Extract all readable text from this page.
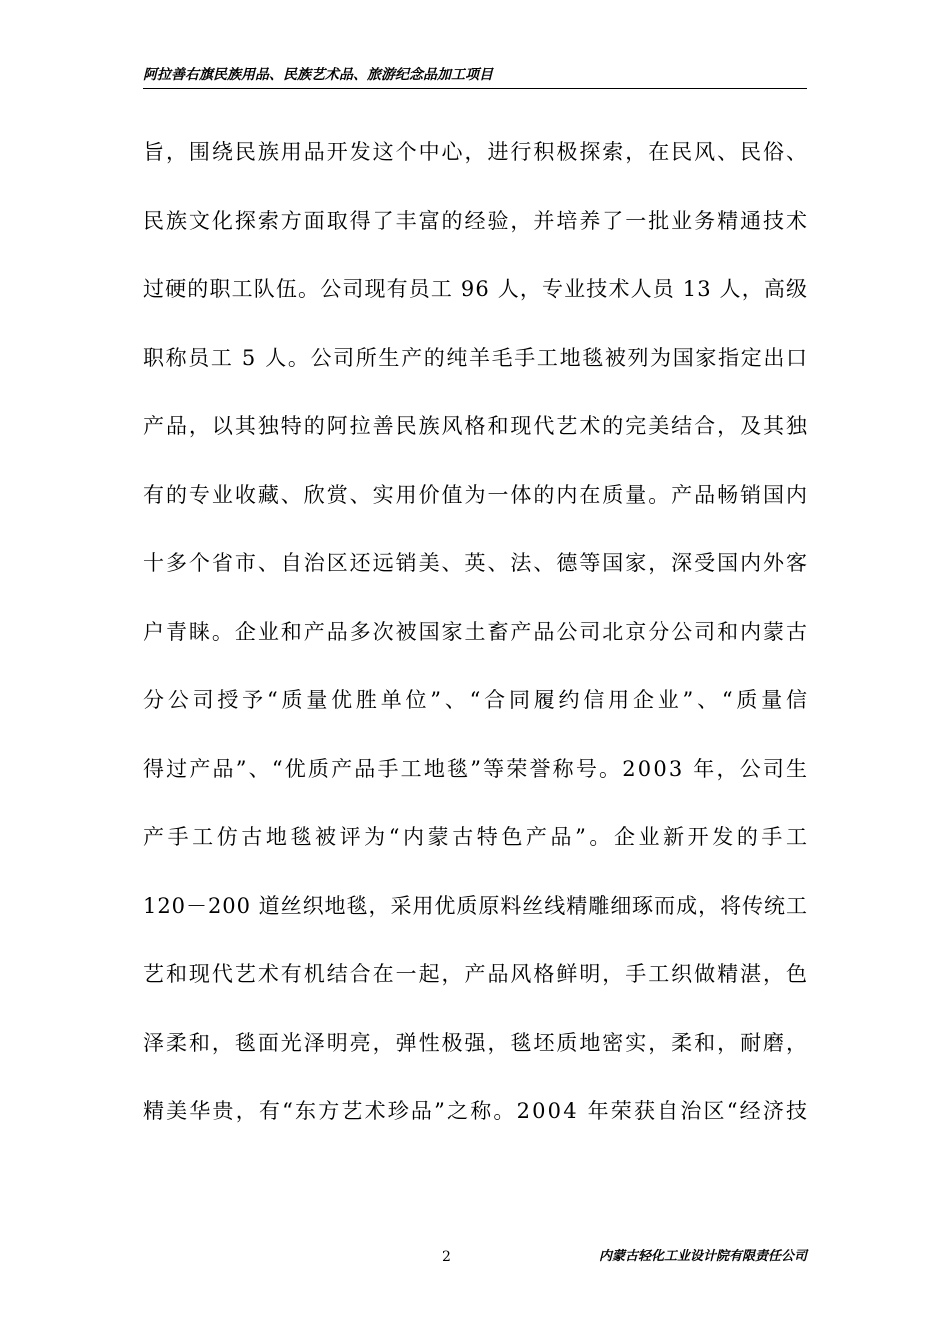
阿拉善右旗民族用品、民族艺术品、旅游纪念品加工项目
旨，围绕民族用品开发这个中心，进行积极探索，在民风、民俗、
民族文化探索方面取得了丰富的经验，并培养了一批业务精通技术
过硬的职工队伍。公司现有员工 96 人，专业技术人员 13 人，高级
职称员工 5 人。公司所生产的纯羊毛手工地毯被列为国家指定出口
产品，以其独特的阿拉善民族风格和现代艺术的完美结合，及其独
有的专业收藏、欣赏、实用价值为一体的内在质量。产品畅销国内
十多个省市、自治区还远销美、英、法、德等国家，深受国内外客
户青睐。企业和产品多次被国家土畜产品公司北京分公司和内蒙古
分公司授予“质量优胜单位”、“合同履约信用企业”、“质量信
得过产品”、“优质产品手工地毯”等荣誉称号。2003 年，公司生
产手工仿古地毯被评为“内蒙古特色产品”。企业新开发的手工
120－200 道丝织地毯，采用优质原料丝线精雕细琢而成，将传统工
艺和现代艺术有机结合在一起，产品风格鲜明，手工织做精湛，色
泽柔和，毯面光泽明亮，弹性极强，毯坯质地密实，柔和，耐磨，
精美华贵，有“东方艺术珍品”之称。2004 年荣获自治区“经济技
2	内蒙古轻化工业设计院有限责任公司
